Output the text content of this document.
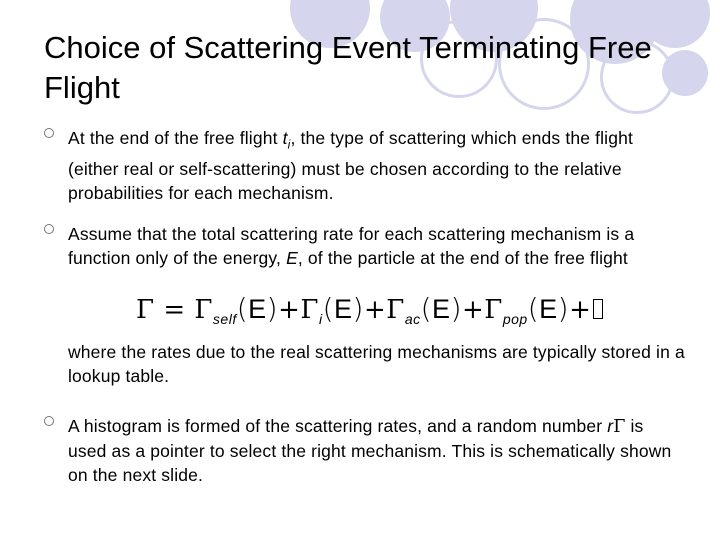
Choice of Scattering Event Terminating Free Flight
At the end of the free flight $t_i$, the type of scattering which ends the flight (either real or self-scattering) must be chosen according to the relative probabilities for each mechanism.
Assume that the total scattering rate for each scattering mechanism is a function only of the energy, E, of the particle at the end of the free flight
$\Gamma = \Gamma_{self}(E)+\Gamma_i(E)+\Gamma_{ac}(E)+\Gamma_{pop}(E)+$
where the rates due to the real scattering mechanisms are typically stored in a lookup table.
A histogram is formed of the scattering rates, and a random number rΓ is used as a pointer to select the right mechanism. This is schematically shown on the next slide.
